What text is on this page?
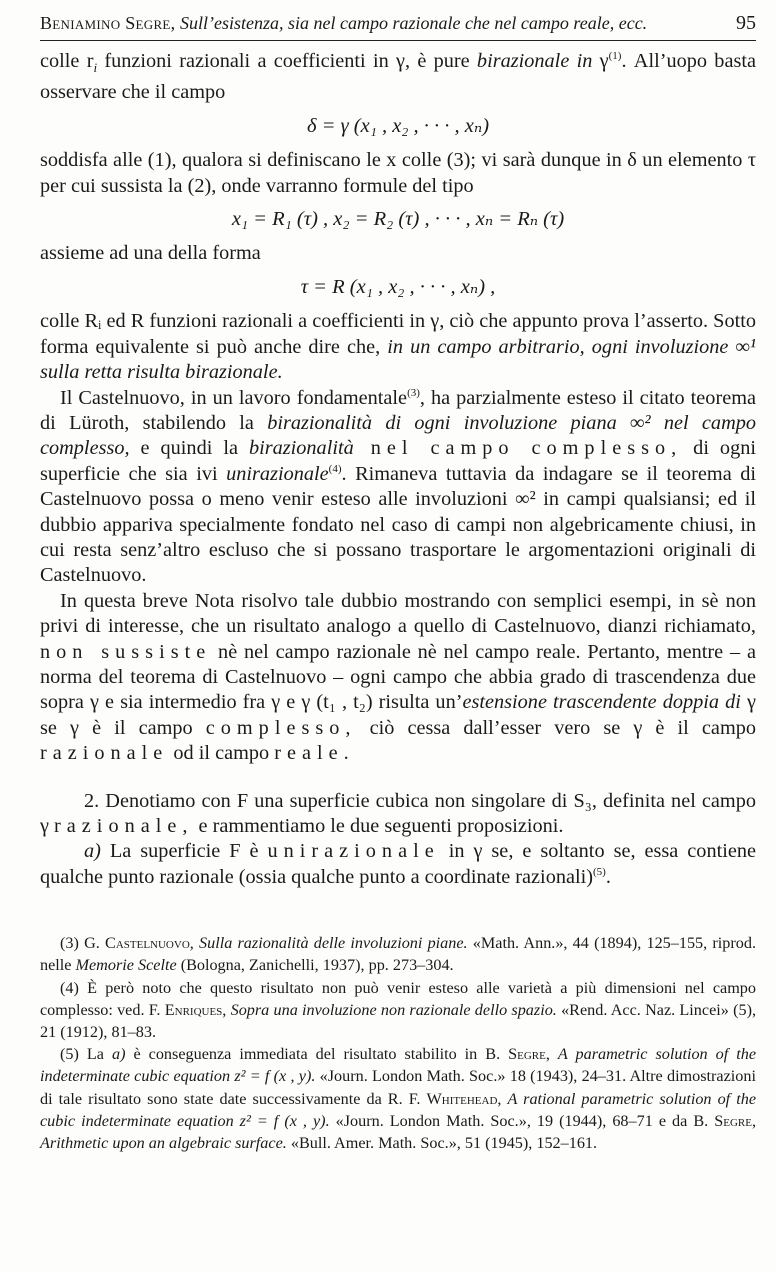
Beniamino Segre, Sull’esistenza, sia nel campo razionale che nel campo reale, ecc.	95

colle $r_i$ funzioni razionali a coefficienti in γ, è pure birazionale in $\gamma^{(1)}$. All’uopo basta osservare che il campo

δ = γ (x₁ , x₂ , · · · , xₙ)

soddisfa alle (1), qualora si definiscano le x colle (3); vi sarà dunque in δ un elemento τ per cui sussista la (2), onde varranno formule del tipo

x₁ = R₁ (τ) , x₂ = R₂ (τ) , · · · , xₙ = Rₙ (τ)

assieme ad una della forma

τ = R (x₁ , x₂ , · · · , xₙ) ,

colle Rᵢ ed R funzioni razionali a coefficienti in γ, ciò che appunto prova l’asserto. Sotto forma equivalente si può anche dire che, in un campo arbitrario, ogni involuzione ∞¹ sulla retta risulta birazionale.

Il Castelnuovo, in un lavoro fondamentale$^{(3)}$, ha parzialmente esteso il citato teorema di Lüroth, stabilendo la birazionalità di ogni involuzione piana ∞² nel campo complesso, e quindi la birazionalità nel campo complesso, di ogni superficie che sia ivi unirazionale$^{(4)}$. Rimaneva tuttavia da indagare se il teorema di Castelnuovo possa o meno venir esteso alle involuzioni ∞² in campi qualsiansi; ed il dubbio appariva specialmente fondato nel caso di campi non algebricamente chiusi, in cui resta senz’altro escluso che si possano trasportare le argomentazioni originali di Castelnuovo.

In questa breve Nota risolvo tale dubbio mostrando con semplici esempi, in sè non privi di interesse, che un risultato analogo a quello di Castelnuovo, dianzi richiamato, non sussiste nè nel campo razionale nè nel campo reale. Pertanto, mentre – a norma del teorema di Castelnuovo – ogni campo che abbia grado di trascendenza due sopra γ e sia intermedio fra γ e γ (t₁ , t₂) risulta un’estensione trascendente doppia di γ se γ è il campo complesso, ciò cessa dall’esser vero se γ è il campo razionale od il campo reale.

2. Denotiamo con F una superficie cubica non singolare di S₃, definita nel campo γ razionale, e rammentiamo le due seguenti proposizioni.

a) La superficie F è unirazionale in γ se, e soltanto se, essa contiene qualche punto razionale (ossia qualche punto a coordinate razionali)$^{(5)}$.

(3) G. Castelnuovo, Sulla razionalità delle involuzioni piane. «Math. Ann.», 44 (1894), 125–155, riprod. nelle Memorie Scelte (Bologna, Zanichelli, 1937), pp. 273–304.

(4) È però noto che questo risultato non può venir esteso alle varietà a più dimensioni nel campo complesso: ved. F. Enriques, Sopra una involuzione non razionale dello spazio. «Rend. Acc. Naz. Lincei» (5), 21 (1912), 81–83.

(5) La a) è conseguenza immediata del risultato stabilito in B. Segre, A parametric solution of the indeterminate cubic equation z² = f (x , y). «Journ. London Math. Soc.» 18 (1943), 24–31. Altre dimostrazioni di tale risultato sono state date successivamente da R. F. Whitehead, A rational parametric solution of the cubic indeterminate equation z² = f (x , y). «Journ. London Math. Soc.», 19 (1944), 68–71 e da B. Segre, Arithmetic upon an algebraic surface. «Bull. Amer. Math. Soc.», 51 (1945), 152–161.
